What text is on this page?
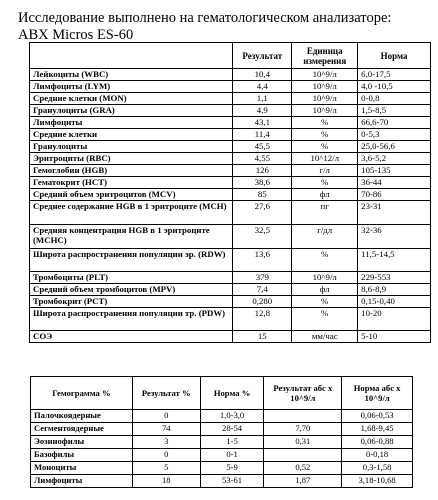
Исследование выполнено на гематологическом анализаторе:
ABX Micros ES-60
	Результат	Единица измерения	Норма
Лейкоциты (WBC)	10,4	10^9/л	6,0-17,5
Лимфоциты (LYM)	4,4	10^9/л	4,0 -10,5
Средние клетки (MON)	1,1	10^9/л	0-0,8
Гранулоциты (GRA)	4,9	10^9/л	1,5-8,5
Лимфоциты	43,1	%	66,6-70
Средние клетки	11,4	%	0-5,3
Гранулоциты	45,5	%	25,0-56,6
Эритроциты (RBC)	4,55	10^12/л	3,6-5,2
Гемоглобин (HGB)	126	г/л	105-135
Гематокрит (HCT)	38,6	%	36-44
Средний объем эритроцитов (MCV)	85	фл	70-86
Среднее содержание HGB в 1 эритроците (MCH)	27,6	пг	23-31
Средняя концентрация HGB в 1 эритроците (MCHC)	32,5	г/дл	32-36
Широта распространения популяции эр. (RDW)	13,6	%	11,5-14,5
Тромбоциты (PLT)	379	10^9/л	229-553
Средний объем тромбоцитов (MPV)	7,4	фл	8,6-8,9
Тромбокрит (PCT)	0,280	%	0,15-0,40
Широта распространения популяции тр. (PDW)	12,8	%	10-20
СОЭ	15	мм/час	5-10
Гемограмма %	Результат %	Норма %	Результат абс х 10^9/л	Норма абс х 10^9/л
Палочкоядерные	0	1,0-3,0		0,06-0,53
Сегментоядерные	74	28-54	7,70	1,68-9,45
Эозинофилы	3	1-5	0,31	0,06-0,88
Базофилы	0	0-1		0-0,18
Моноциты	5	5-9	0,52	0,3-1,58
Лимфоциты	18	53-61	1,87	3,18-10,68
